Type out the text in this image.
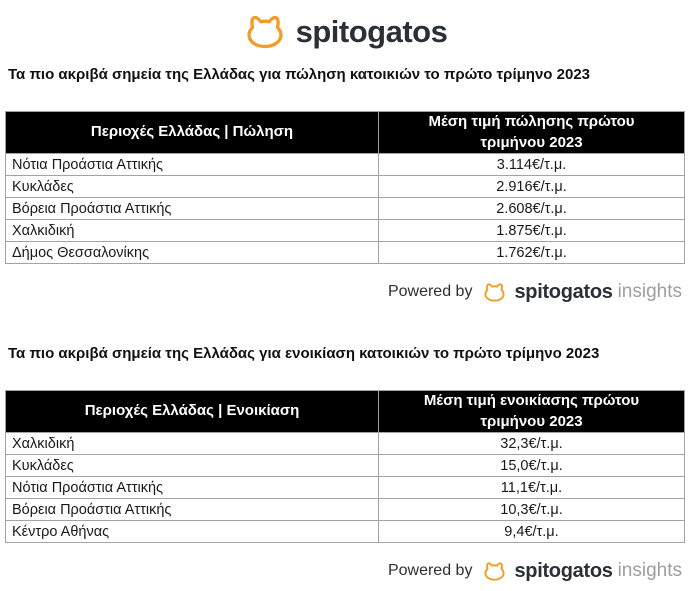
spitogatos
Τα πιο ακριβά σημεία της Ελλάδας για πώληση κατοικιών το πρώτο τρίμηνο 2023
Περιοχές Ελλάδας | Πώληση	Μέση τιμή πώλησης πρώτου τριμήνου 2023
Νότια Προάστια Αττικής	3.114€/τ.μ.
Κυκλάδες	2.916€/τ.μ.
Βόρεια Προάστια Αττικής	2.608€/τ.μ.
Χαλκιδική	1.875€/τ.μ.
Δήμος Θεσσαλονίκης	1.762€/τ.μ.
Powered by spitogatos insights
Τα πιο ακριβά σημεία της Ελλάδας για ενοικίαση κατοικιών το πρώτο τρίμηνο 2023
Περιοχές Ελλάδας | Ενοικίαση	Μέση τιμή ενοικίασης πρώτου τριμήνου 2023
Χαλκιδική	32,3€/τ.μ.
Κυκλάδες	15,0€/τ.μ.
Νότια Προάστια Αττικής	11,1€/τ.μ.
Βόρεια Προάστια Αττικής	10,3€/τ.μ.
Κέντρο Αθήνας	9,4€/τ.μ.
Powered by spitogatos insights
